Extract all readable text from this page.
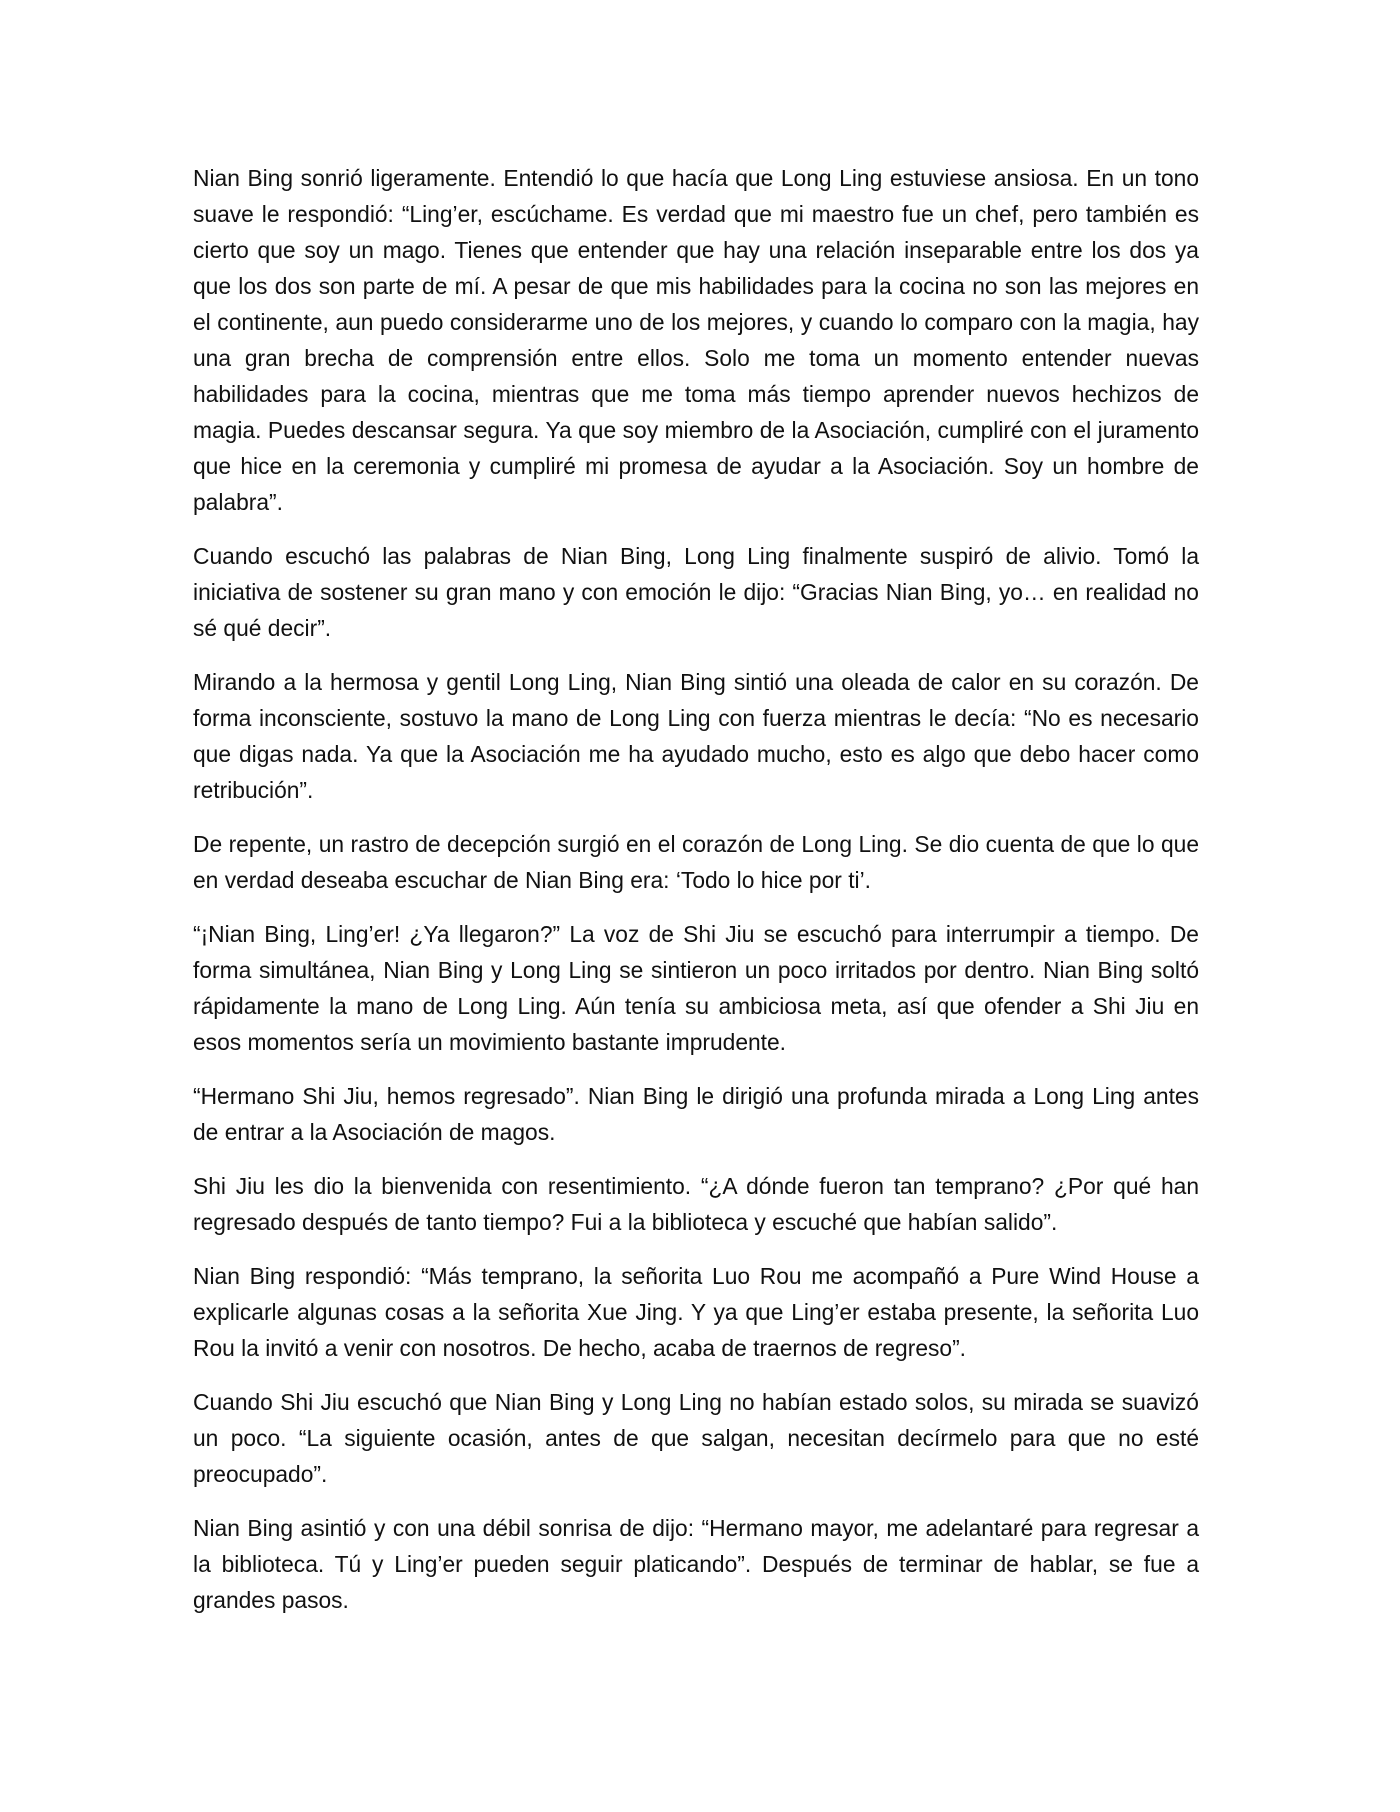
Nian Bing sonrió ligeramente. Entendió lo que hacía que Long Ling estuviese ansiosa. En un tono suave le respondió: “Ling’er, escúchame. Es verdad que mi maestro fue un chef, pero también es cierto que soy un mago. Tienes que entender que hay una relación inseparable entre los dos ya que los dos son parte de mí. A pesar de que mis habilidades para la cocina no son las mejores en el continente, aun puedo considerarme uno de los mejores, y cuando lo comparo con la magia, hay una gran brecha de comprensión entre ellos. Solo me toma un momento entender nuevas habilidades para la cocina, mientras que me toma más tiempo aprender nuevos hechizos de magia. Puedes descansar segura. Ya que soy miembro de la Asociación, cumpliré con el juramento que hice en la ceremonia y cumpliré mi promesa de ayudar a la Asociación. Soy un hombre de palabra”.

Cuando escuchó las palabras de Nian Bing, Long Ling finalmente suspiró de alivio. Tomó la iniciativa de sostener su gran mano y con emoción le dijo: “Gracias Nian Bing, yo… en realidad no sé qué decir”.

Mirando a la hermosa y gentil Long Ling, Nian Bing sintió una oleada de calor en su corazón. De forma inconsciente, sostuvo la mano de Long Ling con fuerza mientras le decía: “No es necesario que digas nada. Ya que la Asociación me ha ayudado mucho, esto es algo que debo hacer como retribución”.

De repente, un rastro de decepción surgió en el corazón de Long Ling. Se dio cuenta de que lo que en verdad deseaba escuchar de Nian Bing era: ‘Todo lo hice por ti’.

“¡Nian Bing, Ling’er! ¿Ya llegaron?” La voz de Shi Jiu se escuchó para interrumpir a tiempo. De forma simultánea, Nian Bing y Long Ling se sintieron un poco irritados por dentro. Nian Bing soltó rápidamente la mano de Long Ling. Aún tenía su ambiciosa meta, así que ofender a Shi Jiu en esos momentos sería un movimiento bastante imprudente.

“Hermano Shi Jiu, hemos regresado”. Nian Bing le dirigió una profunda mirada a Long Ling antes de entrar a la Asociación de magos.

Shi Jiu les dio la bienvenida con resentimiento. “¿A dónde fueron tan temprano? ¿Por qué han regresado después de tanto tiempo? Fui a la biblioteca y escuché que habían salido”.

Nian Bing respondió: “Más temprano, la señorita Luo Rou me acompañó a Pure Wind House a explicarle algunas cosas a la señorita Xue Jing. Y ya que Ling’er estaba presente, la señorita Luo Rou la invitó a venir con nosotros. De hecho, acaba de traernos de regreso”.

Cuando Shi Jiu escuchó que Nian Bing y Long Ling no habían estado solos, su mirada se suavizó un poco. “La siguiente ocasión, antes de que salgan, necesitan decírmelo para que no esté preocupado”.

Nian Bing asintió y con una débil sonrisa de dijo: “Hermano mayor, me adelantaré para regresar a la biblioteca. Tú y Ling’er pueden seguir platicando”. Después de terminar de hablar, se fue a grandes pasos.
